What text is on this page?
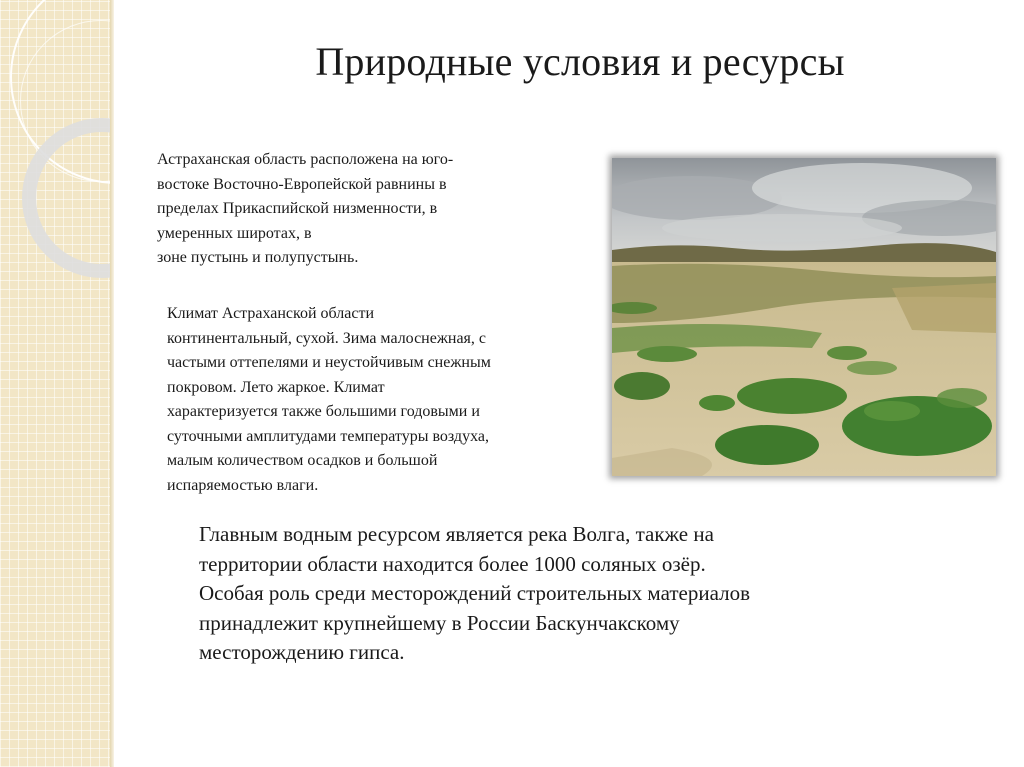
Природные условия и ресурсы
Астраханская область расположена на юго-
востоке Восточно-Европейской равнины в
пределах Прикаспийской низменности, в
умеренных широтах, в
зоне пустынь и полупустынь.
Климат Астраханской области
континентальный, сухой. Зима малоснежная, с
частыми оттепелями и неустойчивым снежным
покровом. Лето жаркое. Климат
характеризуется также большими годовыми и
суточными амплитудами температуры воздуха,
малым количеством осадков и большой
испаряемостью влаги.
Главным водным ресурсом является река Волга, также на
территории области находится более 1000 соляных озёр.
Особая роль среди месторождений строительных материалов
принадлежит крупнейшему в России Баскунчакскому
месторождению гипса.
